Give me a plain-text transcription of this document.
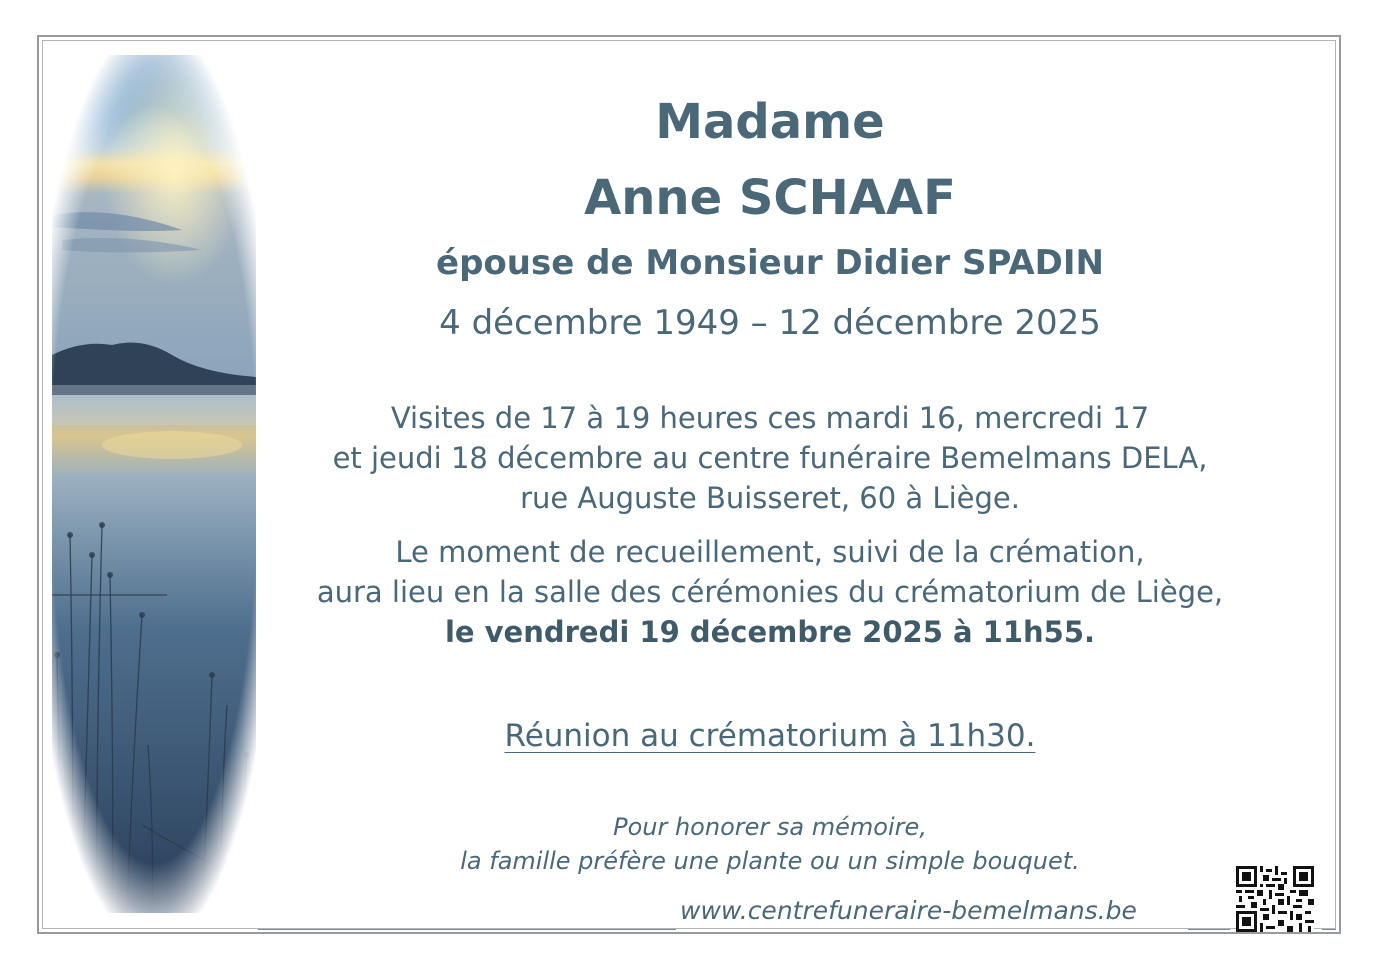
Madame
Anne SCHAAF
épouse de Monsieur Didier SPADIN
4 décembre 1949 – 12 décembre 2025
Visites de 17 à 19 heures ces mardi 16, mercredi 17
et jeudi 18 décembre au centre funéraire Bemelmans DELA,
rue Auguste Buisseret, 60 à Liège.
Le moment de recueillement, suivi de la crémation,
aura lieu en la salle des cérémonies du crématorium de Liège,
le vendredi 19 décembre 2025 à 11h55.
Réunion au crématorium à 11h30.
Pour honorer sa mémoire,
la famille préfère une plante ou un simple bouquet.
www.centrefuneraire-bemelmans.be
